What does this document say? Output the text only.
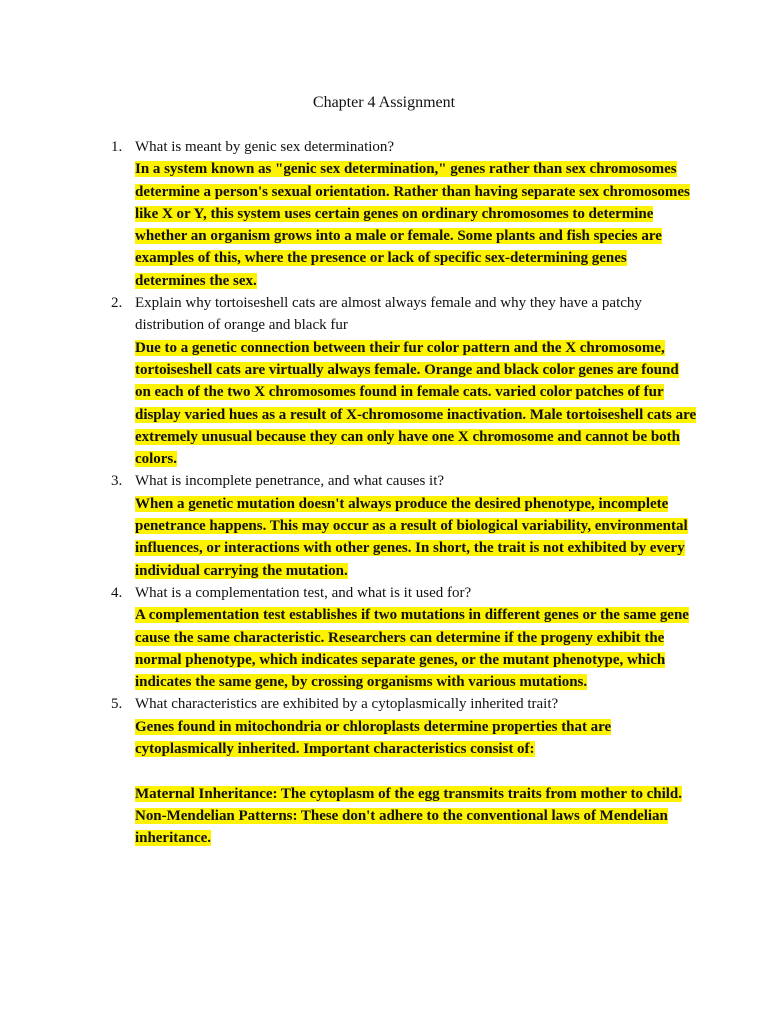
Chapter 4 Assignment
1. What is meant by genic sex determination?

In a system known as "genic sex determination," genes rather than sex chromosomes determine a person's sexual orientation. Rather than having separate sex chromosomes like X or Y, this system uses certain genes on ordinary chromosomes to determine whether an organism grows into a male or female. Some plants and fish species are examples of this, where the presence or lack of specific sex-determining genes determines the sex.

2. Explain why tortoiseshell cats are almost always female and why they have a patchy distribution of orange and black fur

Due to a genetic connection between their fur color pattern and the X chromosome, tortoiseshell cats are virtually always female. Orange and black color genes are found on each of the two X chromosomes found in female cats. varied color patches of fur display varied hues as a result of X-chromosome inactivation. Male tortoiseshell cats are extremely unusual because they can only have one X chromosome and cannot be both colors.

3. What is incomplete penetrance, and what causes it?

When a genetic mutation doesn't always produce the desired phenotype, incomplete penetrance happens. This may occur as a result of biological variability, environmental influences, or interactions with other genes. In short, the trait is not exhibited by every individual carrying the mutation.

4. What is a complementation test, and what is it used for?

A complementation test establishes if two mutations in different genes or the same gene cause the same characteristic. Researchers can determine if the progeny exhibit the normal phenotype, which indicates separate genes, or the mutant phenotype, which indicates the same gene, by crossing organisms with various mutations.

5. What characteristics are exhibited by a cytoplasmically inherited trait?

Genes found in mitochondria or chloroplasts determine properties that are cytoplasmically inherited. Important characteristics consist of:

Maternal Inheritance: The cytoplasm of the egg transmits traits from mother to child.

Non-Mendelian Patterns: These don't adhere to the conventional laws of Mendelian inheritance.
